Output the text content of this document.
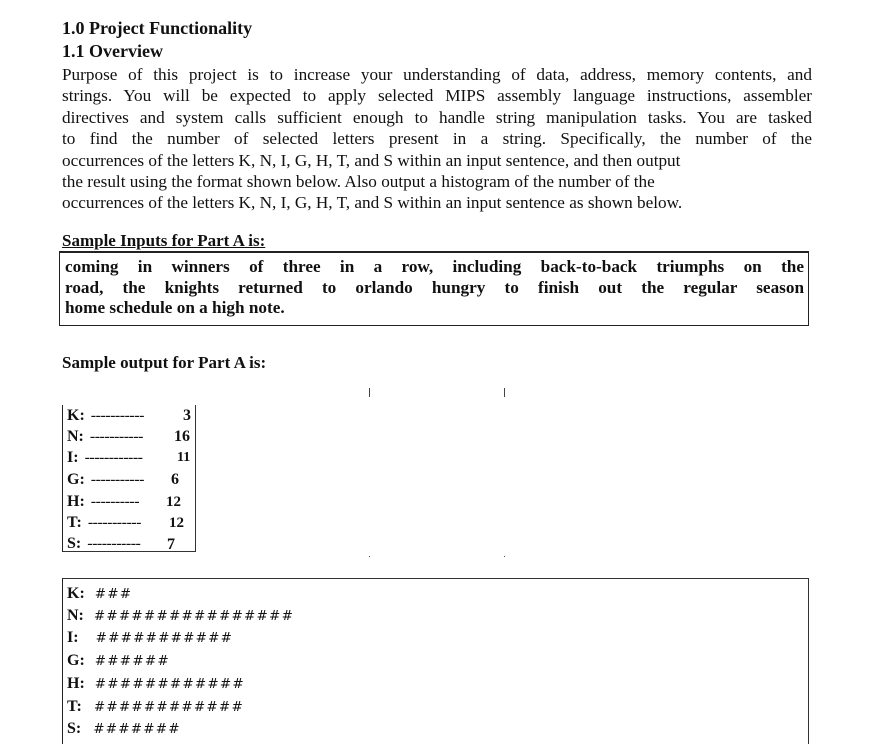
1.0 Project Functionality
1.1 Overview
Purpose of this project is to increase your understanding of data, address, memory contents, and
strings. You will be expected to apply selected MIPS assembly language instructions, assembler
directives and system calls sufficient enough to handle string manipulation tasks. You are tasked
to find the number of selected letters present in a string. Specifically, the number of the
occurrences of the letters K, N, I, G, H, T, and S within an input sentence, and then output
the result using the format shown below. Also output a histogram of the number of the
occurrences of the letters K, N, I, G, H, T, and S within an input sentence as shown below.
Sample Inputs for Part A is:

coming in winners of three in a row, including back-to-back triumphs on the

road, the knights returned to orlando hungry to finish out the regular season

home schedule on a high note.

Sample output for Part A is:
K: ----------- 3
N: ----------- 16
I: ------------ 11
G: ----------- 6
H: ---------- 12
T: ----------- 12
S: ----------- 7
K: ###
N: ################
I: ###########
G: ######
H: ############
T: ############
S: #######
